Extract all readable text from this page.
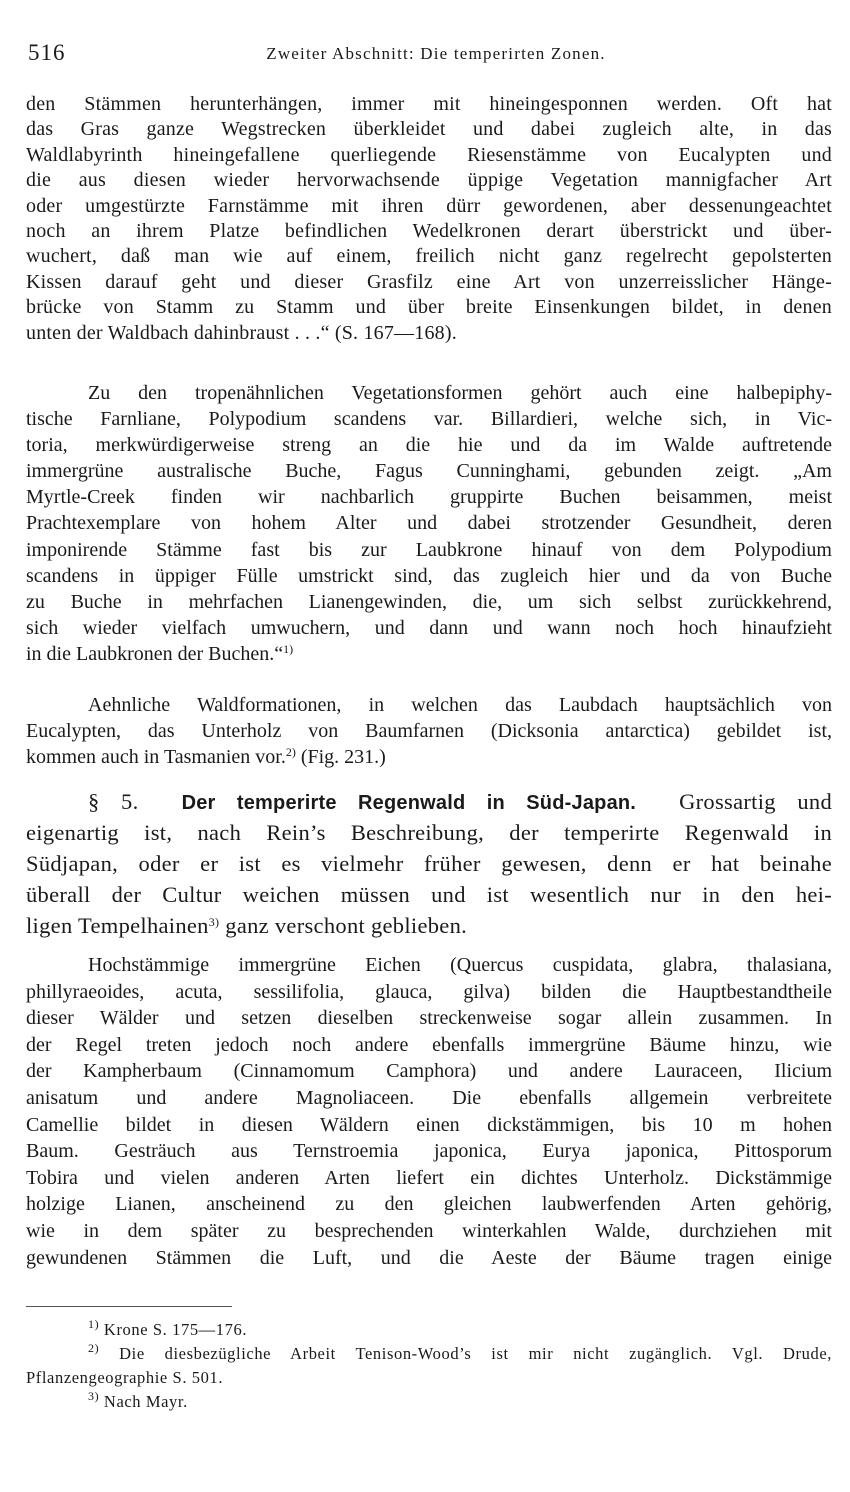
516	Zweiter Abschnitt: Die temperirten Zonen.
den Stämmen herunterhängen, immer mit hineingesponnen werden. Oft hat
das Gras ganze Wegstrecken überkleidet und dabei zugleich alte, in das
Waldlabyrinth hineingefallene querliegende Riesenstämme von Eucalypten und
die aus diesen wieder hervorwachsende üppige Vegetation mannigfacher Art
oder umgestürzte Farnstämme mit ihren dürr gewordenen, aber dessenungeachtet
noch an ihrem Platze befindlichen Wedelkronen derart überstrickt und über-
wuchert, daß man wie auf einem, freilich nicht ganz regelrecht gepolsterten
Kissen darauf geht und dieser Grasfilz eine Art von unzerreisslicher Hänge-
brücke von Stamm zu Stamm und über breite Einsenkungen bildet, in denen
unten der Waldbach dahinbraust . . .“ (S. 167—168).
Zu den tropenähnlichen Vegetationsformen gehört auch eine halbepiphy-
tische Farnliane, Polypodium scandens var. Billardieri, welche sich, in Vic-
toria, merkwürdigerweise streng an die hie und da im Walde auftretende
immergrüne australische Buche, Fagus Cunninghami, gebunden zeigt. „Am
Myrtle-Creek finden wir nachbarlich gruppirte Buchen beisammen, meist
Prachtexemplare von hohem Alter und dabei strotzender Gesundheit, deren
imponirende Stämme fast bis zur Laubkrone hinauf von dem Polypodium
scandens in üppiger Fülle umstrickt sind, das zugleich hier und da von Buche
zu Buche in mehrfachen Lianengewinden, die, um sich selbst zurückkehrend,
sich wieder vielfach umwuchern, und dann und wann noch hoch hinaufzieht
in die Laubkronen der Buchen.“$^{1)}$
Aehnliche Waldformationen, in welchen das Laubdach hauptsächlich von
Eucalypten, das Unterholz von Baumfarnen (Dicksonia antarctica) gebildet ist,
kommen auch in Tasmanien vor.$^{2)}$ (Fig. 231.)
§ 5. Der temperirte Regenwald in Süd-Japan. Grossartig und
eigenartig ist, nach Rein’s Beschreibung, der temperirte Regenwald in
Südjapan, oder er ist es vielmehr früher gewesen, denn er hat beinahe
überall der Cultur weichen müssen und ist wesentlich nur in den hei-
ligen Tempelhainen$^{3)}$ ganz verschont geblieben.
Hochstämmige immergrüne Eichen (Quercus cuspidata, glabra, thalasiana,
phillyraeoides, acuta, sessilifolia, glauca, gilva) bilden die Hauptbestandtheile
dieser Wälder und setzen dieselben streckenweise sogar allein zusammen. In
der Regel treten jedoch noch andere ebenfalls immergrüne Bäume hinzu, wie
der Kampherbaum (Cinnamomum Camphora) und andere Lauraceen, Ilicium
anisatum und andere Magnoliaceen. Die ebenfalls allgemein verbreitete
Camellie bildet in diesen Wäldern einen dickstämmigen, bis 10 m hohen
Baum. Gesträuch aus Ternstroemia japonica, Eurya japonica, Pittosporum
Tobira und vielen anderen Arten liefert ein dichtes Unterholz. Dickstämmige
holzige Lianen, anscheinend zu den gleichen laubwerfenden Arten gehörig,
wie in dem später zu besprechenden winterkahlen Walde, durchziehen mit
gewundenen Stämmen die Luft, und die Aeste der Bäume tragen einige
$^{1)}$ Krone S. 175—176.
$^{2)}$ Die diesbezügliche Arbeit Tenison-Wood’s ist mir nicht zugänglich. Vgl. Drude,
Pflanzengeographie S. 501.
$^{3)}$ Nach Mayr.
